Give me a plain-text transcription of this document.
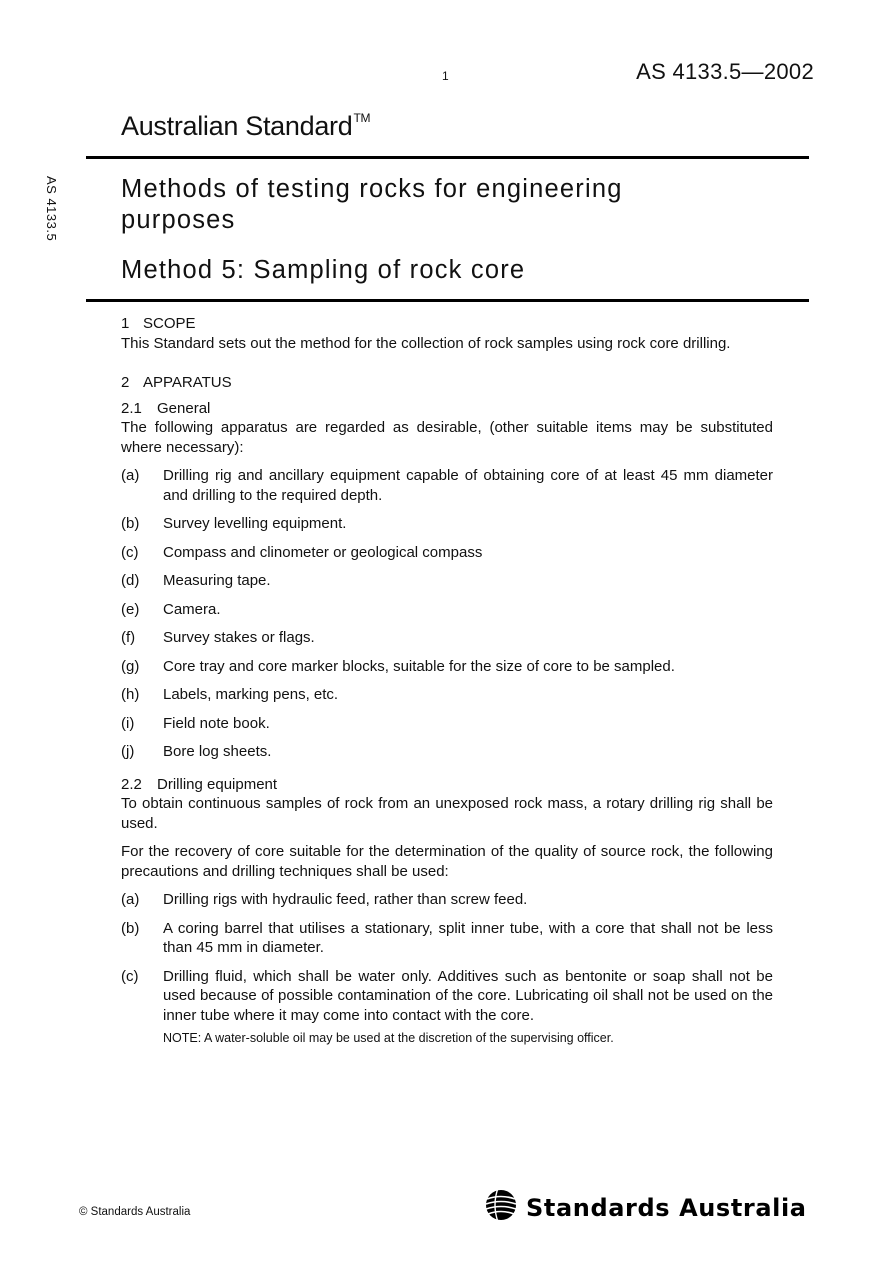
1	AS 4133.5—2002
Australian Standard™
AS 4133.5 Methods of testing rocks for engineering purposes
Method 5: Sampling of rock core

1 SCOPE

This Standard sets out the method for the collection of rock samples using rock core drilling.

2 APPARATUS

2.1 General

The following apparatus are regarded as desirable, (other suitable items may be substituted where necessary):

(a)	Drilling rig and ancillary equipment capable of obtaining core of at least 45 mm diameter and drilling to the required depth.
(b)	Survey levelling equipment.
(c)	Compass and clinometer or geological compass
(d)	Measuring tape.
(e)	Camera.
(f)	Survey stakes or flags.
(g)	Core tray and core marker blocks, suitable for the size of core to be sampled.
(h)	Labels, marking pens, etc.
(i)	Field note book.
(j)	Bore log sheets.

2.2 Drilling equipment

To obtain continuous samples of rock from an unexposed rock mass, a rotary drilling rig shall be used.

For the recovery of core suitable for the determination of the quality of source rock, the following precautions and drilling techniques shall be used:

(a)	Drilling rigs with hydraulic feed, rather than screw feed.
(b)	A coring barrel that utilises a stationary, split inner tube, with a core that shall not be less than 45 mm in diameter.
(c)	Drilling fluid, which shall be water only. Additives such as bentonite or soap shall not be used because of possible contamination of the core. Lubricating oil shall not be used on the inner tube where it may come into contact with the core.
NOTE: A water-soluble oil may be used at the discretion of the supervising officer.
© Standards Australia	Standards Australia
